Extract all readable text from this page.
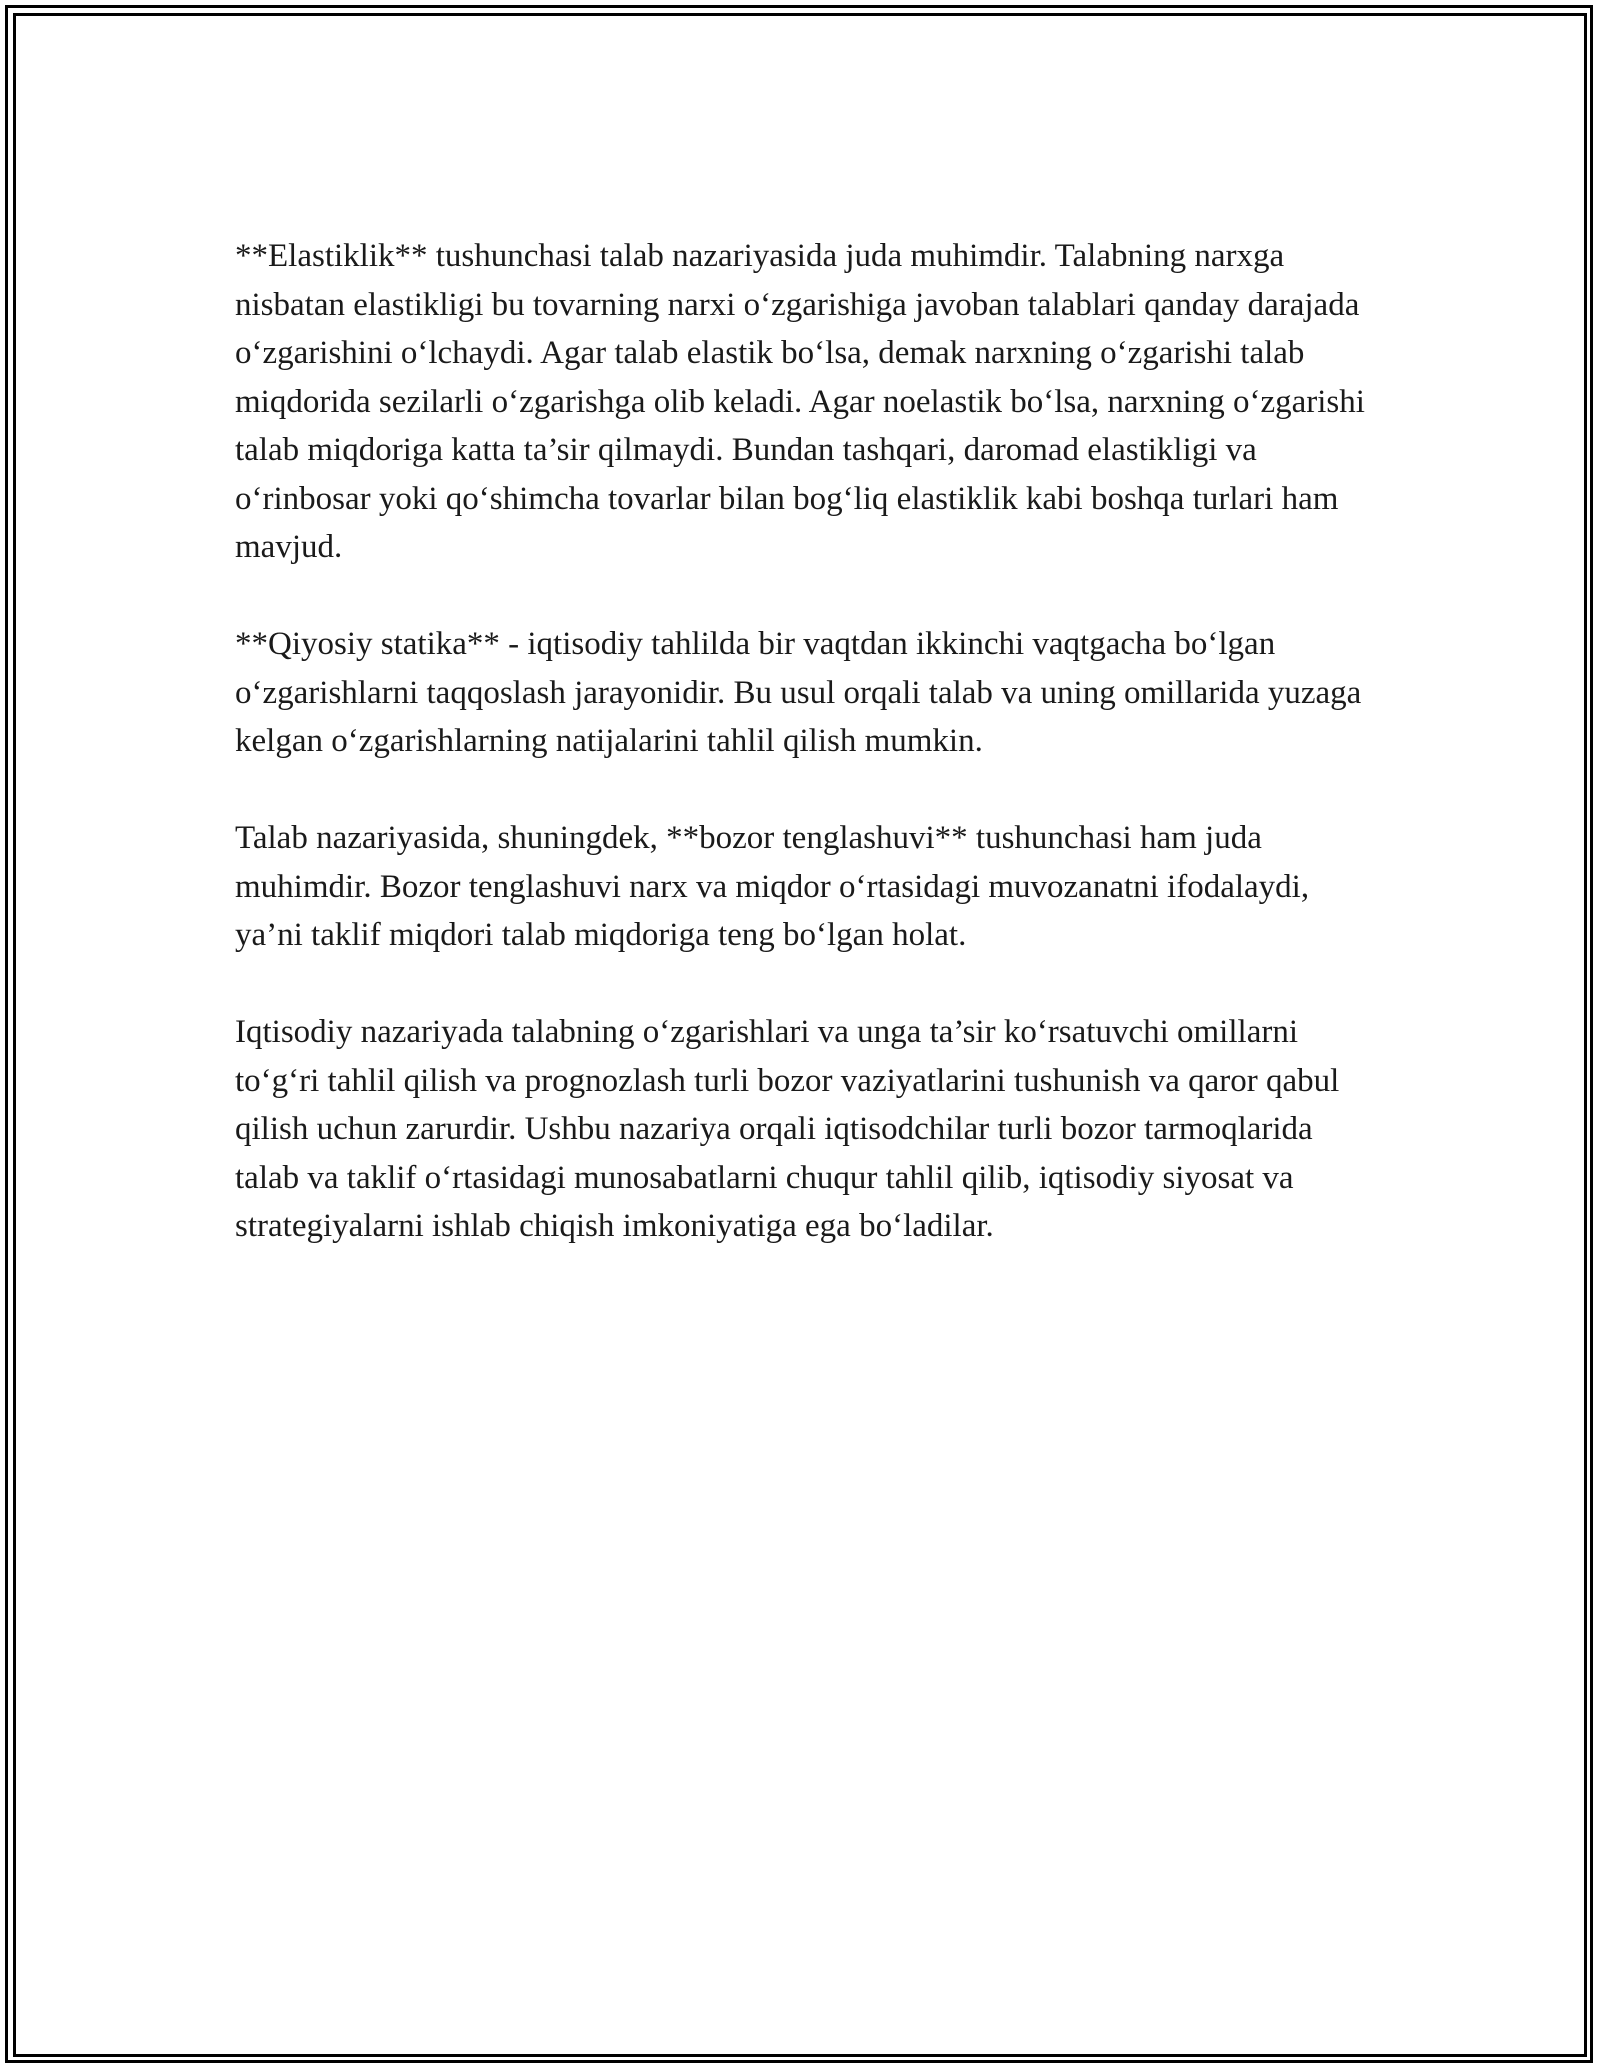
**Elastiklik** tushunchasi talab nazariyasida juda muhimdir. Talabning narxga nisbatan elastikligi bu tovarning narxi o‘zgarishiga javoban talablari qanday darajada o‘zgarishini o‘lchaydi. Agar talab elastik bo‘lsa, demak narxning o‘zgarishi talab miqdorida sezilarli o‘zgarishga olib keladi. Agar noelastik bo‘lsa, narxning o‘zgarishi talab miqdoriga katta ta’sir qilmaydi. Bundan tashqari, daromad elastikligi va o‘rinbosar yoki qo‘shimcha tovarlar bilan bog‘liq elastiklik kabi boshqa turlari ham mavjud.

**Qiyosiy statika** - iqtisodiy tahlilda bir vaqtdan ikkinchi vaqtgacha bo‘lgan o‘zgarishlarni taqqoslash jarayonidir. Bu usul orqali talab va uning omillarida yuzaga kelgan o‘zgarishlarning natijalarini tahlil qilish mumkin.

Talab nazariyasida, shuningdek, **bozor tenglashuvi** tushunchasi ham juda muhimdir. Bozor tenglashuvi narx va miqdor o‘rtasidagi muvozanatni ifodalaydi, ya’ni taklif miqdori talab miqdoriga teng bo‘lgan holat.

Iqtisodiy nazariyada talabning o‘zgarishlari va unga ta’sir ko‘rsatuvchi omillarni to‘g‘ri tahlil qilish va prognozlash turli bozor vaziyatlarini tushunish va qaror qabul qilish uchun zarurdir. Ushbu nazariya orqali iqtisodchilar turli bozor tarmoqlarida talab va taklif o‘rtasidagi munosabatlarni chuqur tahlil qilib, iqtisodiy siyosat va strategiyalarni ishlab chiqish imkoniyatiga ega bo‘ladilar.
